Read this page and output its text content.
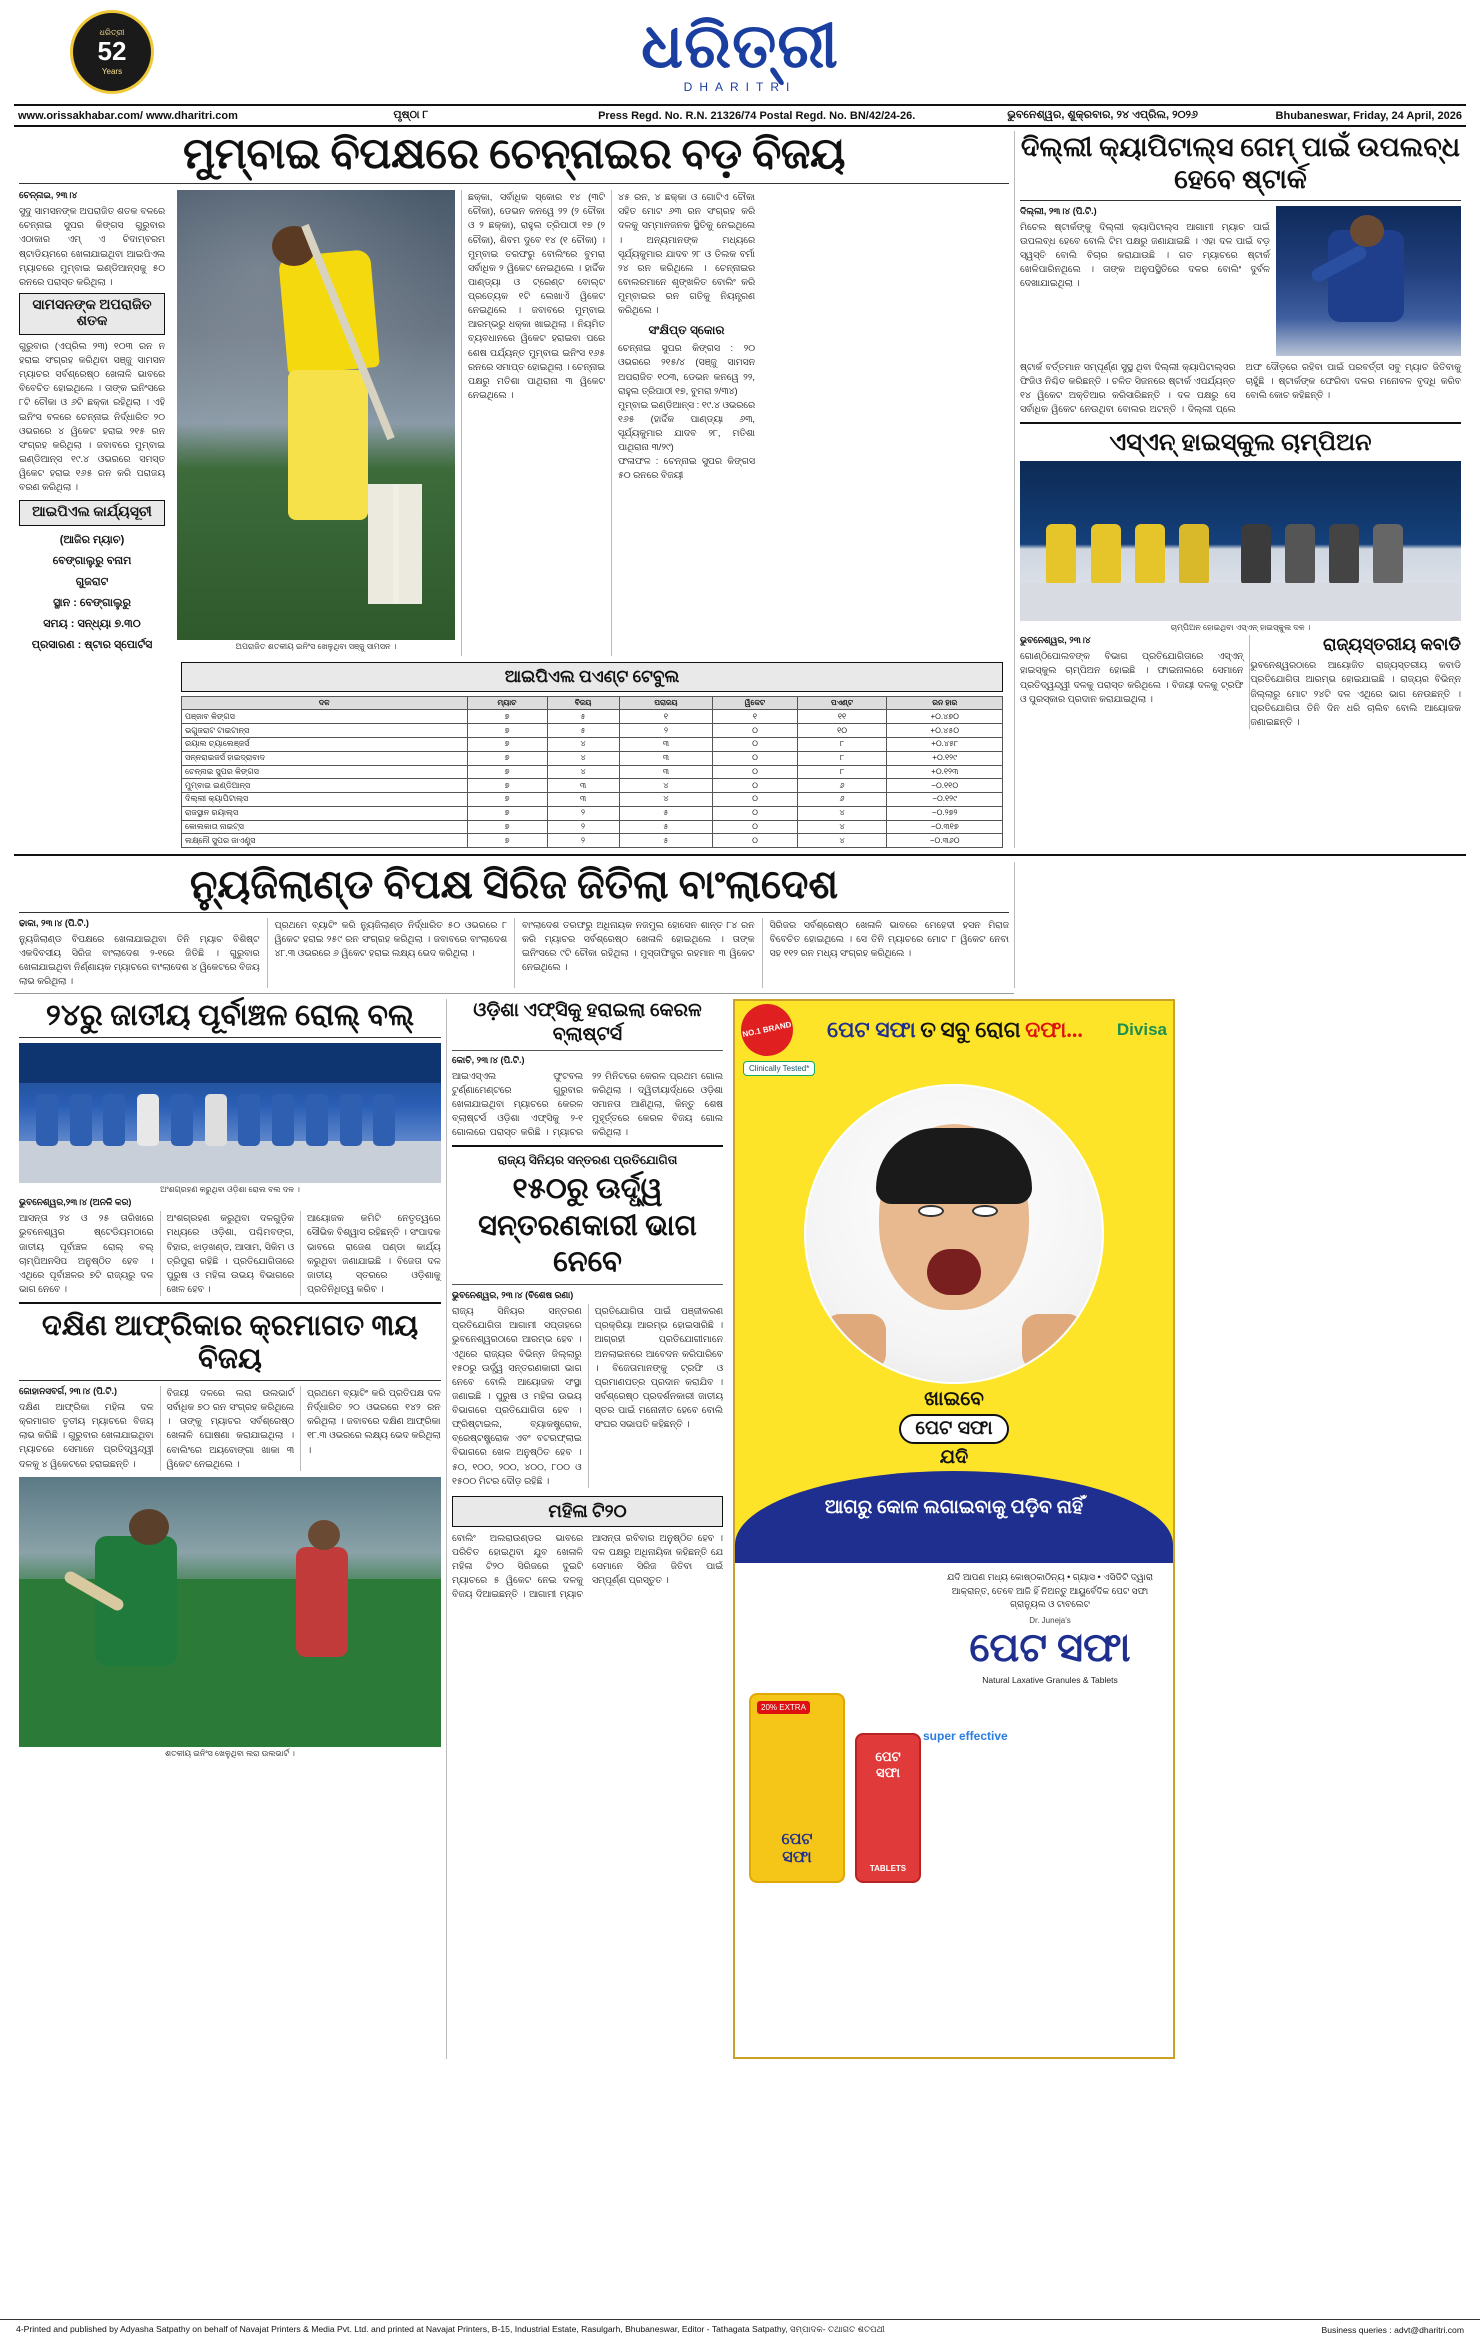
ଧରିତ୍ରୀ
52
Years	ଧରିତ୍ରୀ
DHARITRI
www.orissakhabar.com/ www.dharitri.com	ପୃଷ୍ଠା ୮	Press Regd. No. R.N. 21326/74 Postal Regd. No. BN/42/24-26.	ଭୁବନେଶ୍ୱର, ଶୁକ୍ରବାର, ୨୪ ଏପ୍ରିଲ, ୨୦୨୬	Bhubaneswar, Friday, 24 April, 2026
ମୁମ୍ବାଇ ବିପକ୍ଷରେ ଚେନ୍ନାଇର ବଡ଼ ବିଜୟ
ଚେନ୍ନାଇ, ୨୩।୪
ସୁଦୁ ସାମସନଙ୍କ ଅପରାଜିତ ଶତକ ବଳରେ ଚେନ୍ନାଇ ସୁପର କିଙ୍ଗସ ଗୁରୁବାର ଏଠାକାର ଏମ୍ ଏ ଚିଦାମ୍ବରମ ଷ୍ଟାଡିୟମରେ ଖେଳାଯାଇଥିବା ଆଇପିଏଲ ମ୍ୟାଚରେ ମୁମ୍ବାଇ ଇଣ୍ଡିଆନ୍ସକୁ ୫୦ ରନରେ ପରାସ୍ତ କରିଥିଲା ।
ସାମସନଙ୍କ ଅପରାଜିତ ଶତକ
ଗୁରୁବାର (ଏପ୍ରିଲ ୨୩) ୧୦୩ ରନ ନ ହରାଇ ସଂଗ୍ରହ କରିଥିବା ସଞ୍ଜୁ ସାମସନ ମ୍ୟାଚର ସର୍ବଶ୍ରେଷ୍ଠ ଖେଳାଳି ଭାବରେ ବିବେଚିତ ହୋଇଥିଲେ । ତାଙ୍କ ଇନିଂସରେ ୮ଟି ଚୌକା ଓ ୬ଟି ଛକ୍କା ରହିଥିଲା । ଏହି ଇନିଂସ ବଳରେ ଚେନ୍ନାଇ ନିର୍ଦ୍ଧାରିତ ୨୦ ଓଭରରେ ୪ ୱିକେଟ ହରାଇ ୨୧୫ ରନ ସଂଗ୍ରହ କରିଥିଲା । ଜବାବରେ ମୁମ୍ବାଇ ଇଣ୍ଡିଆନ୍ସ ୧୯.୪ ଓଭରରେ ସମସ୍ତ ୱିକେଟ ହରାଇ ୧୬୫ ରନ କରି ପରାଜୟ ବରଣ କରିଥିଲା ।
ଆଇପିଏଲ କାର୍ଯ୍ୟସୂଚୀ
(ଆଜିର ମ୍ୟାଚ)
ବେଙ୍ଗାଲୁରୁ ବନାମ
ଗୁଜରାଟ
ସ୍ଥାନ : ବେଙ୍ଗାଲୁରୁ
ସମୟ : ସନ୍ଧ୍ୟା ୭.୩୦
ପ୍ରସାରଣ : ଷ୍ଟାର ସ୍ପୋର୍ଟସ	ଅପରାଜିତ ଶତକୀୟ ଇନିଂସ ଖେଳୁଥିବା ସଞ୍ଜୁ ସାମସନ ।
ଛକ୍କା, ସର୍ବାଧିକ ସ୍କୋର ୧୪ (୩ଟି ଚୌକା), ଡେଭନ କନୱେ ୨୨ (୨ ଚୌକା ଓ ୨ ଛକ୍କା), ରାହୁଲ ତ୍ରିପାଠୀ ୧୭ (୨ ଚୌକା), ଶିବମ ଦୁବେ ୧୪ (୧ ଚୌକା) । ମୁମ୍ବାଇ ତରଫରୁ ବୋଲିଂରେ ବୁମରା ସର୍ବାଧିକ ୨ ୱିକେଟ ନେଇଥିଲେ । ହାର୍ଦ୍ଦିକ ପାଣ୍ଡ୍ୟା ଓ ଟ୍ରେଣ୍ଟ ବୋଲ୍ଟ ପ୍ରତ୍ୟେକ ୧ଟି ଲେଖାଏଁ ୱିକେଟ ନେଇଥିଲେ । ଜବାବରେ ମୁମ୍ବାଇ ଆରମ୍ଭରୁ ଧକ୍କା ଖାଇଥିଲା । ନିୟମିତ ବ୍ୟବଧାନରେ ୱିକେଟ ହରାଇବା ପରେ ଶେଷ ପର୍ଯ୍ୟନ୍ତ ମୁମ୍ବାଇ ଇନିଂସ ୧୬୫ ରନରେ ସମାପ୍ତ ହୋଇଥିଲା । ଚେନ୍ନାଇ ପକ୍ଷରୁ ମତିଶା ପାଥିରାନା ୩ ୱିକେଟ ନେଇଥିଲେ ।
୪୫ ରନ, ୪ ଛକ୍କା ଓ ଗୋଟିଏ ଚୌକା ସହିତ ମୋଟ ୬୩ ରନ ସଂଗ୍ରହ କରି ଦଳକୁ ସମ୍ମାନଜନକ ସ୍ଥିତିକୁ ନେଇଥିଲେ । ଅନ୍ୟମାନଙ୍କ ମଧ୍ୟରେ ସୂର୍ଯ୍ୟକୁମାର ଯାଦବ ୨୮ ଓ ତିଲକ ବର୍ମା ୨୪ ରନ କରିଥିଲେ । ଚେନ୍ନାଇର ବୋଲରମାନେ ଶୃଙ୍ଖଳିତ ବୋଲିଂ କରି ମୁମ୍ବାଇର ରନ ଗତିକୁ ନିୟନ୍ତ୍ରଣ କରିଥିଲେ ।
ସଂକ୍ଷିପ୍ତ ସ୍କୋର
ଚେନ୍ନାଇ ସୁପର କିଙ୍ଗସ : ୨୦ ଓଭରରେ ୨୧୫/୪ (ସଞ୍ଜୁ ସାମସନ ଅପରାଜିତ ୧୦୩, ଡେଭନ କନୱେ ୨୨, ରାହୁଲ ତ୍ରିପାଠୀ ୧୭, ବୁମରା ୨/୩୪)
ମୁମ୍ବାଇ ଇଣ୍ଡିଆନ୍ସ : ୧୯.୪ ଓଭରରେ ୧୬୫ (ହାର୍ଦ୍ଦିକ ପାଣ୍ଡ୍ୟା ୬୩, ସୂର୍ଯ୍ୟକୁମାର ଯାଦବ ୨୮, ମତିଶା ପାଥିରାନା ୩/୨୯)
ଫଳାଫଳ : ଚେନ୍ନାଇ ସୁପର କିଙ୍ଗସ ୫୦ ରନରେ ବିଜୟୀ
ଆଇପିଏଲ ପଏଣ୍ଟ ଟେବୁଲ
ଦଳ	ମ୍ୟାଚ	ବିଜୟ	ପରାଜୟ	ୱିକେଟ	ପଏଣ୍ଟ	ରନ ହାର
ପଞ୍ଜାବ କିଙ୍ଗସ	୭	୫	୧	୧	୧୧	+୦.୪୭୦
ଭଗୁଜରାଟ ଟାଇଟାନ୍ସ	୭	୫	୨	୦	୧୦	+୦.୪୫୦
ରୟାଲ ଚ୍ୟାଲେଞ୍ଜର୍ସ	୭	୪	୩	୦	୮	+୦.୪୫୮
ସନ୍ନରାଇଜର୍ସ ହାଇଦ୍ରାବାଦ	୭	୪	୩	୦	୮	+୦.୧୨୯
ଚେନ୍ନାଇ ସୁପର କିଙ୍ଗସ	୭	୪	୩	୦	୮	+୦.୧୨୩
ମୁମ୍ବାଇ ଇଣ୍ଡିଆନ୍ସ	୭	୩	୪	୦	୬	−୦.୧୧୦
ଦିଲ୍ଲୀ କ୍ୟାପିଟାଲ୍ସ	୭	୩	୪	୦	୬	−୦.୧୨୯
ରାଜସ୍ଥାନ ରୟାଲ୍ସ	୭	୨	୫	୦	୪	−୦.୨୭୨
କୋଲକାତା ନାଇଟ୍ସ	୭	୨	୫	୦	୪	−୦.୩୧୭
ଲକ୍ଷ୍ନୌ ସୁପର ଜାଏଣ୍ଟ୍ସ	୭	୨	୫	୦	୪	−୦.୩୬୦
ଦିଲ୍ଲୀ କ୍ୟାପିଟାଲ୍ସ ଗେମ୍ ପାଇଁ ଉପଲବ୍ଧ ହେବେ ଷ୍ଟାର୍କ
ଦିଲ୍ଲୀ, ୨୩।୪ (ପି.ଟି.)
ମିଚେଲ ଷ୍ଟାର୍କଙ୍କୁ ଦିଲ୍ଲୀ କ୍ୟାପିଟାଲ୍ସ ଆଗାମୀ ମ୍ୟାଚ ପାଇଁ ଉପଲବ୍ଧ ହେବେ ବୋଲି ଟିମ ପକ୍ଷରୁ ଜଣାଯାଇଛି । ଏହା ଦଳ ପାଇଁ ବଡ଼ ସ୍ୱସ୍ତି ବୋଲି ବିଚାର କରାଯାଉଛି । ଗତ ମ୍ୟାଚରେ ଷ୍ଟାର୍କ ଖେଳିପାରିନଥିଲେ । ତାଙ୍କ ଅନୁପସ୍ଥିତିରେ ଦଳର ବୋଲିଂ ଦୁର୍ବଳ ଦେଖାଯାଇଥିଲା ।
ଷ୍ଟାର୍କ ବର୍ତ୍ତମାନ ସମ୍ପୂର୍ଣ୍ଣ ସୁସ୍ଥ ଥିବା ଦିଲ୍ଲୀ କ୍ୟାପିଟାଲ୍ସର ଫିଜିଓ ନିଶ୍ଚିତ କରିଛନ୍ତି । ଚଳିତ ସିଜନରେ ଷ୍ଟାର୍କ ଏପର୍ଯ୍ୟନ୍ତ ୧୪ ୱିକେଟ ଅକ୍ତିଆର କରିସାରିଛନ୍ତି । ଦଳ ପକ୍ଷରୁ ସେ ସର୍ବାଧିକ ୱିକେଟ ନେଉଥିବା ବୋଲର ଅଟନ୍ତି । ଦିଲ୍ଲୀ ପ୍ଲେ ଅଫ ଦୌଡ଼ରେ ରହିବା ପାଇଁ ପରବର୍ତ୍ତୀ ସବୁ ମ୍ୟାଚ ଜିତିବାକୁ ଚାହୁଁଛି । ଷ୍ଟାର୍କଙ୍କ ଫେରିବା ଦଳର ମନୋବଳ ବୃଦ୍ଧି କରିବ ବୋଲି କୋଚ କହିଛନ୍ତି ।
ଏସ୍‌ଏନ୍ ହାଇସ୍କୁଲ ଚାମ୍ପିଅନ
ଚାମ୍ପିଅନ ହୋଇଥିବା ଏସ୍‌ଏନ୍ ହାଇସ୍କୁଲ ଦଳ ।
ଭୁବନେଶ୍ୱର, ୨୩।୪
ଗୋଣ୍ଠିପୋଲବଙ୍କ ବିଭାଗ ପ୍ରତିଯୋଗିତାରେ ଏସ୍‌ଏନ୍ ହାଇସ୍କୁଲ ଚାମ୍ପିଅନ ହୋଇଛି । ଫାଇନାଲରେ ସେମାନେ ପ୍ରତିଦ୍ୱନ୍ଦ୍ୱୀ ଦଳକୁ ପରାସ୍ତ କରିଥିଲେ । ବିଜୟୀ ଦଳକୁ ଟ୍ରଫି ଓ ପୁରସ୍କାର ପ୍ରଦାନ କରାଯାଇଥିଲା ।
ରାଜ୍ୟସ୍ତରୀୟ କବାଡି
ଭୁବନେଶ୍ୱରଠାରେ ଆୟୋଜିତ ରାଜ୍ୟସ୍ତରୀୟ କବାଡି ପ୍ରତିଯୋଗିତା ଆରମ୍ଭ ହୋଇଯାଇଛି । ରାଜ୍ୟର ବିଭିନ୍ନ ଜିଲ୍ଲାରୁ ମୋଟ ୨୪ଟି ଦଳ ଏଥିରେ ଭାଗ ନେଉଛନ୍ତି । ପ୍ରତିଯୋଗିତା ତିନି ଦିନ ଧରି ଚାଲିବ ବୋଲି ଆୟୋଜକ ଜଣାଇଛନ୍ତି ।
ନ୍ୟୁଜିଲାଣ୍ଡ ବିପକ୍ଷ ସିରିଜ ଜିତିଲା ବାଂଲାଦେଶ
ଢାକା, ୨୩।୪ (ପି.ଟି.)
ନ୍ୟୁଜିଲାଣ୍ଡ ବିପକ୍ଷରେ ଖେଳାଯାଇଥିବା ତିନି ମ୍ୟାଚ ବିଶିଷ୍ଟ ଏକଦିବସୀୟ ସିରିଜ ବାଂଲାଦେଶ ୨-୧ରେ ଜିତିଛି । ଗୁରୁବାର ଖେଳାଯାଇଥିବା ନିର୍ଣ୍ଣାୟକ ମ୍ୟାଚରେ ବାଂଲାଦେଶ ୪ ୱିକେଟରେ ବିଜୟ ଲାଭ କରିଥିଲା ।
ପ୍ରଥମେ ବ୍ୟାଟିଂ କରି ନ୍ୟୁଜିଲାଣ୍ଡ ନିର୍ଦ୍ଧାରିତ ୫୦ ଓଭରରେ ୮ ୱିକେଟ ହରାଇ ୨୫୯ ରନ ସଂଗ୍ରହ କରିଥିଲା । ଜବାବରେ ବାଂଲାଦେଶ ୪୮.୩ ଓଭରରେ ୬ ୱିକେଟ ହରାଇ ଲକ୍ଷ୍ୟ ଭେଦ କରିଥିଲା ।
ବାଂଲାଦେଶ ତରଫରୁ ଅଧିନାୟକ ନଜମୁଲ ହୋସେନ ଶାନ୍ତ ୮୪ ରନ କରି ମ୍ୟାଚର ସର୍ବଶ୍ରେଷ୍ଠ ଖେଳାଳି ହୋଇଥିଲେ । ତାଙ୍କ ଇନିଂସରେ ୯ଟି ଚୌକା ରହିଥିଲା । ମୁସ୍ତାଫିଜୁର ରହମାନ ୩ ୱିକେଟ ନେଇଥିଲେ ।
ସିରିଜର ସର୍ବଶ୍ରେଷ୍ଠ ଖେଳାଳି ଭାବରେ ମେହେଦୀ ହସନ ମିରାଜ ବିବେଚିତ ହୋଇଥିଲେ । ସେ ତିନି ମ୍ୟାଚରେ ମୋଟ ୮ ୱିକେଟ ନେବା ସହ ୧୧୨ ରନ ମଧ୍ୟ ସଂଗ୍ରହ କରିଥିଲେ ।
୨୪ରୁ ଜାତୀୟ ପୂର୍ବାଞ୍ଚଳ ରୋଲ୍ ବଲ୍
ଅଂଶଗ୍ରହଣ କରୁଥିବା ଓଡ଼ିଶା ରୋଲ ବଲ ଦଳ ।
ଭୁବନେଶ୍ୱର,୨୩।୪ (ଅନଳି କର)
ଆସନ୍ତା ୨୪ ଓ ୨୫ ତାରିଖରେ ଭୁବନେଶ୍ୱର ଷ୍ଟେଡିୟମଠାରେ ଜାତୀୟ ପୂର୍ବାଞ୍ଚଳ ରୋଲ୍ ବଲ୍ ଚାମ୍ପିଅନସିପ ଅନୁଷ୍ଠିତ ହେବ । ଏଥିରେ ପୂର୍ବାଞ୍ଚଳର ୭ଟି ରାଜ୍ୟରୁ ଦଳ ଭାଗ ନେବେ ।
ଅଂଶଗ୍ରହଣ କରୁଥିବା ଦଳଗୁଡ଼ିକ ମଧ୍ୟରେ ଓଡ଼ିଶା, ପଶ୍ଚିମବଙ୍ଗ, ବିହାର, ଝାଡ଼ଖଣ୍ଡ, ଆସାମ, ସିକିମ ଓ ତ୍ରିପୁରା ରହିଛି । ପ୍ରତିଯୋଗିତାରେ ପୁରୁଷ ଓ ମହିଳା ଉଭୟ ବିଭାଗରେ ଖେଳ ହେବ ।
ଆୟୋଜକ କମିଟି ନେତୃତ୍ୱରେ ସୌଭିକ ବିଶ୍ୱାସ ରହିଛନ୍ତି । ସଂପାଦକ ଭାବରେ ରାଜେଶ ପଣ୍ଡା କାର୍ଯ୍ୟ କରୁଥିବା ଜଣାଯାଇଛି । ବିଜେତା ଦଳ ଜାତୀୟ ସ୍ତରରେ ଓଡ଼ିଶାକୁ ପ୍ରତିନିଧିତ୍ୱ କରିବ ।
ଦକ୍ଷିଣ ଆଫ୍ରିକାର କ୍ରମାଗତ ୩ୟ ବିଜୟ
ଜୋହାନସବର୍ଗ, ୨୩।୪ (ପି.ଟି.)
ଦକ୍ଷିଣ ଆଫ୍ରିକା ମହିଳା ଦଳ କ୍ରମାଗତ ତୃତୀୟ ମ୍ୟାଚରେ ବିଜୟ ଲାଭ କରିଛି । ଗୁରୁବାର ଖେଳାଯାଇଥିବା ମ୍ୟାଚରେ ସେମାନେ ପ୍ରତିଦ୍ୱନ୍ଦ୍ୱୀ ଦଳକୁ ୪ ୱିକେଟରେ ହରାଇଛନ୍ତି ।
ବିଜୟୀ ଦଳରେ ଲରା ଉଲଭାର୍ଟ ସର୍ବାଧିକ ୭୦ ରନ ସଂଗ୍ରହ କରିଥିଲେ । ତାଙ୍କୁ ମ୍ୟାଚର ସର୍ବଶ୍ରେଷ୍ଠ ଖେଳାଳି ଘୋଷଣା କରାଯାଇଥିଲା । ବୋଲିଂରେ ଅୟବୋଙ୍ଗା ଖାକା ୩ ୱିକେଟ ନେଇଥିଲେ ।
ପ୍ରଥମେ ବ୍ୟାଟିଂ କରି ପ୍ରତିପକ୍ଷ ଦଳ ନିର୍ଦ୍ଧାରିତ ୨୦ ଓଭରରେ ୧୪୨ ରନ କରିଥିଲା । ଜବାବରେ ଦକ୍ଷିଣ ଆଫ୍ରିକା ୧୮.୩ ଓଭରରେ ଲକ୍ଷ୍ୟ ଭେଦ କରିଥିଲା ।
ଶତକୀୟ ଇନିଂସ ଖେଳୁଥିବା ଲରା ଉଲଭାର୍ଟ ।
ଓଡ଼ିଶା ଏଫ୍‌ସିକୁ ହରାଇଲା କେରଳ ବ୍ଲାଷ୍ଟର୍ସ
କୋଚି, ୨୩।୪ (ପି.ଟି.)
ଆଇଏସ୍‌ଏଲ ଫୁଟବଲ ଟୁର୍ଣ୍ଣାମେଣ୍ଟରେ ଗୁରୁବାର ଖେଳାଯାଇଥିବା ମ୍ୟାଚରେ କେରଳ ବ୍ଲାଷ୍ଟର୍ସ ଓଡ଼ିଶା ଏଫ୍‌ସିକୁ ୨-୧ ଗୋଲରେ ପରାସ୍ତ କରିଛି । ମ୍ୟାଚର ୨୨ ମିନିଟରେ କେରଳ ପ୍ରଥମ ଗୋଲ କରିଥିଲା । ଦ୍ୱିତୀୟାର୍ଦ୍ଧରେ ଓଡ଼ିଶା ସମାନତା ଆଣିଥିଲା, କିନ୍ତୁ ଶେଷ ମୁହୂର୍ତ୍ତରେ କେରଳ ବିଜୟ ଗୋଲ କରିଥିଲା ।
ରାଜ୍ୟ ସିନିୟର ସନ୍ତରଣ ପ୍ରତିଯୋଗିତା
୧୫୦ରୁ ଊର୍ଦ୍ଧ୍ୱ ସନ୍ତରଣକାରୀ ଭାଗ ନେବେ
ଭୁବନେଶ୍ୱର, ୨୩।୪ (ବିଶେଷ ରଣା)
ରାଜ୍ୟ ସିନିୟର ସନ୍ତରଣ ପ୍ରତିଯୋଗିତା ଆଗାମୀ ସପ୍ତାହରେ ଭୁବନେଶ୍ୱରଠାରେ ଆରମ୍ଭ ହେବ । ଏଥିରେ ରାଜ୍ୟର ବିଭିନ୍ନ ଜିଲ୍ଲାରୁ ୧୫୦ରୁ ଊର୍ଦ୍ଧ୍ୱ ସନ୍ତରଣକାରୀ ଭାଗ ନେବେ ବୋଲି ଆୟୋଜକ ସଂସ୍ଥା ଜଣାଇଛି । ପୁରୁଷ ଓ ମହିଳା ଉଭୟ ବିଭାଗରେ ପ୍ରତିଯୋଗିତା ହେବ । ଫ୍ରିଷ୍ଟାଇଲ, ବ୍ୟାକଷ୍ଟ୍ରୋକ, ବ୍ରେଷ୍ଟଷ୍ଟ୍ରୋକ ଏବଂ ବଟରଫ୍ଲାଇ ବିଭାଗରେ ଖେଳ ଅନୁଷ୍ଠିତ ହେବ । ୫୦, ୧୦୦, ୨୦୦, ୪୦୦, ୮୦୦ ଓ ୧୫୦୦ ମିଟର ଦୌଡ଼ ରହିଛି ।
ପ୍ରତିଯୋଗିତା ପାଇଁ ପଞ୍ଜୀକରଣ ପ୍ରକ୍ରିୟା ଆରମ୍ଭ ହୋଇସାରିଛି । ଆଗ୍ରହୀ ପ୍ରତିଯୋଗୀମାନେ ଅନଲାଇନରେ ଆବେଦନ କରିପାରିବେ । ବିଜେତାମାନଙ୍କୁ ଟ୍ରଫି ଓ ପ୍ରମାଣପତ୍ର ପ୍ରଦାନ କରାଯିବ । ସର୍ବଶ୍ରେଷ୍ଠ ପ୍ରଦର୍ଶନକାରୀ ଜାତୀୟ ସ୍ତର ପାଇଁ ମନୋନୀତ ହେବେ ବୋଲି ସଂଘର ସଭାପତି କହିଛନ୍ତି ।
ମହିଳା ଟି୨୦
ବୋଲିଂ ଅଲରାଉଣ୍ଡର ଭାବରେ ପରିଚିତ ହୋଇଥିବା ଯୁବ ଖେଳାଳି ମହିଳା ଟି୨୦ ସିରିଜରେ ଦୁଇଟି ମ୍ୟାଚରେ ୫ ୱିକେଟ ନେଇ ଦଳକୁ ବିଜୟ ଦିଆଇଛନ୍ତି । ଆଗାମୀ ମ୍ୟାଚ ଆସନ୍ତା ରବିବାର ଅନୁଷ୍ଠିତ ହେବ । ଦଳ ପକ୍ଷରୁ ଅଧିନାୟିକା କହିଛନ୍ତି ଯେ ସେମାନେ ସିରିଜ ଜିତିବା ପାଇଁ ସମ୍ପୂର୍ଣ୍ଣ ପ୍ରସ୍ତୁତ ।
NO.1 BRAND	ପେଟ ସଫା ତ ସବୁ ରୋଗ ଦଫା...	Divisa
Clinically Tested*
ଖାଇବେ
ପେଟ ସଫା
ଯଦି
ଆଗରୁ କୋଳ ଲଗାଇବାକୁ ପଡ଼ିବ ନାହିଁ
20% EXTRA
ପେଟ
ସଫା
ପେଟ
ସଫା
TABLETS
super effective
ଯଦି ଆପଣ ମଧ୍ୟ କୋଷ୍ଠକାଠିନ୍ୟ • ଗ୍ୟାସ • ଏସିଡିଟି ଦ୍ୱାରା ଆକ୍ରାନ୍ତ, ତେବେ ଆଜି ହିଁ ନିଅନ୍ତୁ ଆୟୁର୍ବେଦିକ ପେଟ ସଫା ଗ୍ରାନ୍ୟୁଲ ଓ ଟାବଲେଟ
Dr. Juneja's
ପେଟ ସଫା
Natural Laxative Granules & Tablets
4-Printed and published by Adyasha Satpathy on behalf of Navajat Printers & Media Pvt. Ltd. and printed at Navajat Printers, B-15, Industrial Estate, Rasulgarh, Bhubaneswar, Editor - Tathagata Satpathy, ସମ୍ପାଦକ- ତଥାଗତ ଶତପଥୀ	Business queries : advt@dharitri.com
